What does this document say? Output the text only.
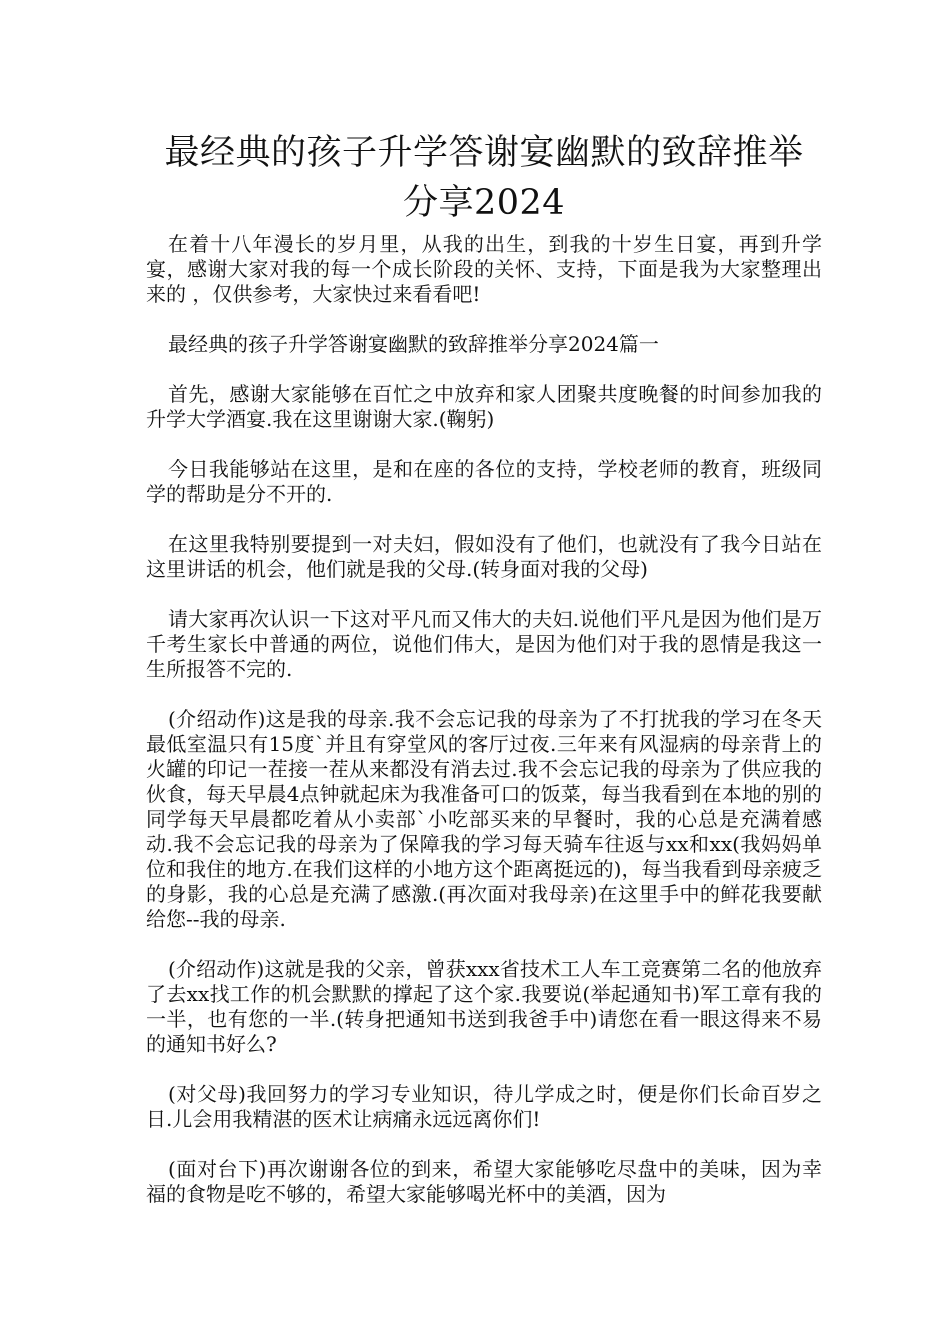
最经典的孩子升学答谢宴幽默的致辞推举
分享2024

在着十八年漫长的岁月里，从我的出生，到我的十岁生日宴，再到升学宴，感谢大家对我的每一个成长阶段的关怀、支持，下面是我为大家整理出来的 ，仅供参考，大家快过来看看吧!

最经典的孩子升学答谢宴幽默的致辞推举分享2024篇一

首先，感谢大家能够在百忙之中放弃和家人团聚共度晚餐的时间参加我的升学大学酒宴.我在这里谢谢大家.(鞠躬)

今日我能够站在这里，是和在座的各位的支持，学校老师的教育，班级同学的帮助是分不开的.

在这里我特别要提到一对夫妇，假如没有了他们，也就没有了我今日站在这里讲话的机会，他们就是我的父母.(转身面对我的父母)

请大家再次认识一下这对平凡而又伟大的夫妇.说他们平凡是因为他们是万千考生家长中普通的两位，说他们伟大，是因为他们对于我的恩情是我这一生所报答不完的.

(介绍动作)这是我的母亲.我不会忘记我的母亲为了不打扰我的学习在冬天最低室温只有15度`并且有穿堂风的客厅过夜.三年来有风湿病的母亲背上的火罐的印记一茬接一茬从来都没有消去过.我不会忘记我的母亲为了供应我的伙食，每天早晨4点钟就起床为我准备可口的饭菜，每当我看到在本地的别的同学每天早晨都吃着从小卖部`小吃部买来的早餐时，我的心总是充满着感动.我不会忘记我的母亲为了保障我的学习每天骑车往返与xx和xx(我妈妈单位和我住的地方.在我们这样的小地方这个距离挺远的)，每当我看到母亲疲乏的身影，我的心总是充满了感激.(再次面对我母亲)在这里手中的鲜花我要献给您--我的母亲.

(介绍动作)这就是我的父亲，曾获xxx省技术工人车工竞赛第二名的他放弃了去xx找工作的机会默默的撑起了这个家.我要说(举起通知书)军工章有我的一半，也有您的一半.(转身把通知书送到我爸手中)请您在看一眼这得来不易的通知书好么?

(对父母)我回努力的学习专业知识，待儿学成之时，便是你们长命百岁之日.儿会用我精湛的医术让病痛永远远离你们!

(面对台下)再次谢谢各位的到来，希望大家能够吃尽盘中的美味，因为幸福的食物是吃不够的，希望大家能够喝光杯中的美酒，因为
